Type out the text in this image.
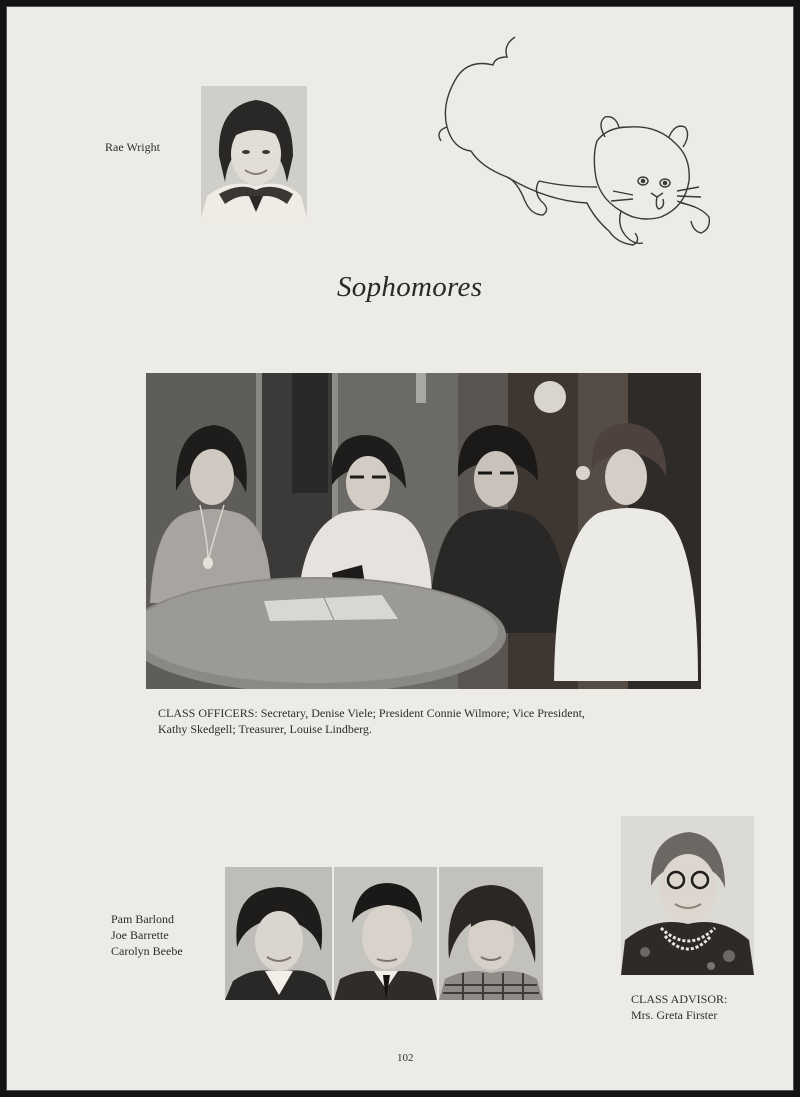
Rae Wright
Sophomores
CLASS OFFICERS: Secretary, Denise Viele; President Connie Wilmore; Vice President,
Kathy Skedgell; Treasurer, Louise Lindberg.
Pam Barlond
Joe Barrette
Carolyn Beebe
CLASS ADVISOR:
Mrs. Greta Firster
102
